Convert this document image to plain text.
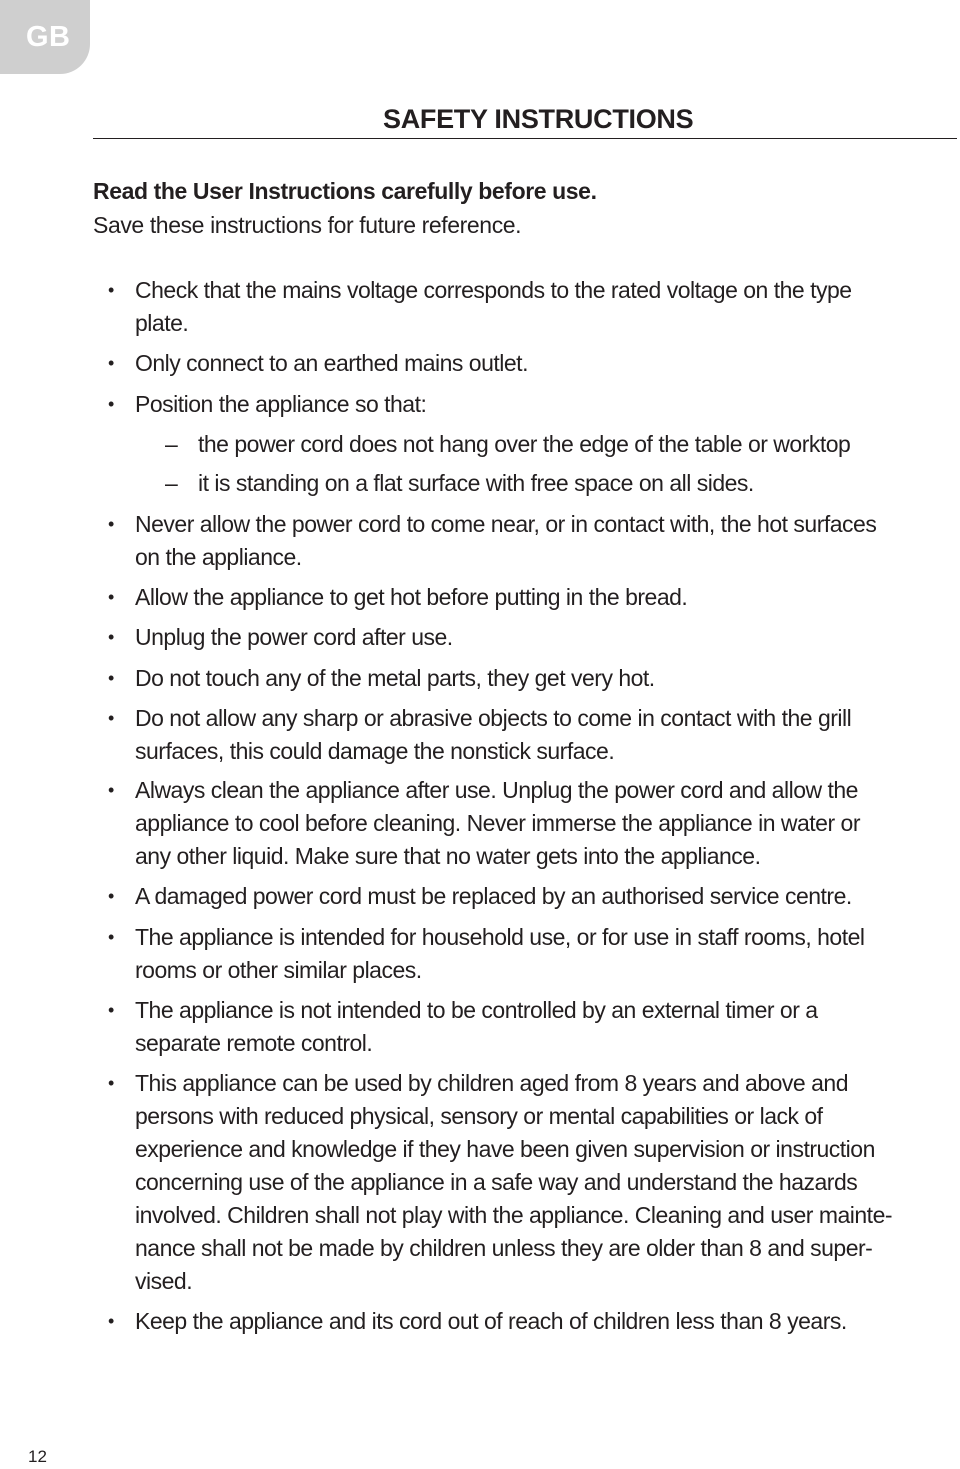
GB
SAFETY INSTRUCTIONS
Read the User Instructions carefully before use.
Save these instructions for future reference.
• Check that the mains voltage corresponds to the rated voltage on the type
plate.
• Only connect to an earthed mains outlet.
• Position the appliance so that:
• Never allow the power cord to come near, or in contact with, the hot surfaces
on the appliance.
• Allow the appliance to get hot before putting in the bread.
• Unplug the power cord after use.
• Do not touch any of the metal parts, they get very hot.
• Do not allow any sharp or abrasive objects to come in contact with the grill
surfaces, this could damage the nonstick surface.
• Always clean the appliance after use. Unplug the power cord and allow the
appliance to cool before cleaning. Never immerse the appliance in water or
any other liquid. Make sure that no water gets into the appliance.
• A damaged power cord must be replaced by an authorised service centre.
• The appliance is intended for household use, or for use in staff rooms, hotel
rooms or other similar places.
• The appliance is not intended to be controlled by an external timer or a
separate remote control.
• This appliance can be used by children aged from 8 years and above and
persons with reduced physical, sensory or mental capabilities or lack of
experience and knowledge if they have been given supervision or instruction
concerning use of the appliance in a safe way and understand the hazards
involved. Children shall not play with the appliance. Cleaning and user mainte-
nance shall not be made by children unless they are older than 8 and super-
vised.
• Keep the appliance and its cord out of reach of children less than 8 years.
– the power cord does not hang over the edge of the table or worktop
– it is standing on a flat surface with free space on all sides.
12
